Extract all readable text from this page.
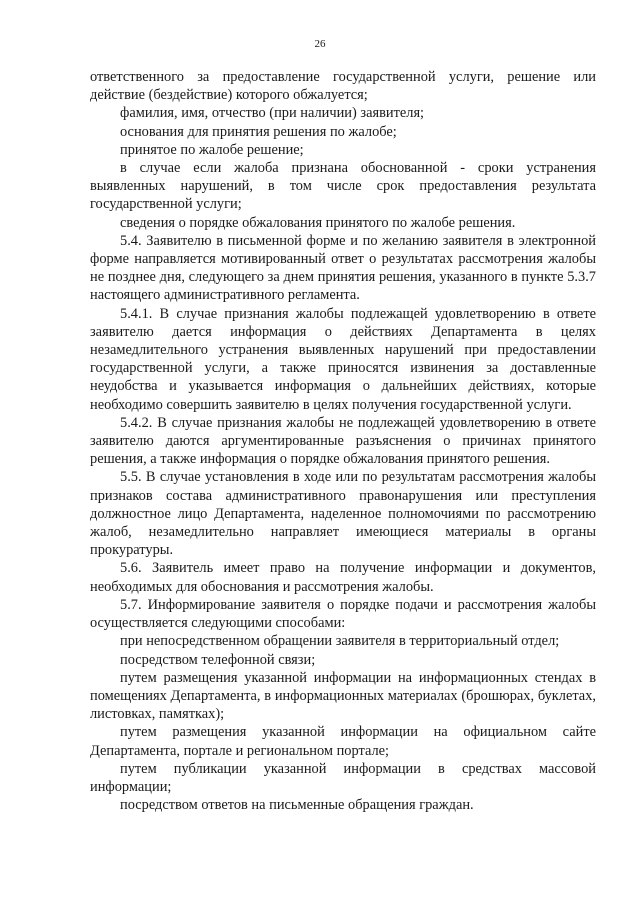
26

ответственного за предоставление государственной услуги, решение или действие (бездействие) которого обжалуется;

фамилия, имя, отчество (при наличии) заявителя;

основания для принятия решения по жалобе;

принятое по жалобе решение;

в случае если жалоба признана обоснованной - сроки устранения выявленных нарушений, в том числе срок предоставления результата государственной услуги;

сведения о порядке обжалования принятого по жалобе решения.

5.4. Заявителю в письменной форме и по желанию заявителя в электронной форме направляется мотивированный ответ о результатах рассмотрения жалобы не позднее дня, следующего за днем принятия решения, указанного в пункте 5.3.7 настоящего административного регламента.

5.4.1. В случае признания жалобы подлежащей удовлетворению в ответе заявителю дается информация о действиях Департамента в целях незамедлительного устранения выявленных нарушений при предоставлении государственной услуги, а также приносятся извинения за доставленные неудобства и указывается информация о дальнейших действиях, которые необходимо совершить заявителю в целях получения государственной услуги.

5.4.2. В случае признания жалобы не подлежащей удовлетворению в ответе заявителю даются аргументированные разъяснения о причинах принятого решения, а также информация о порядке обжалования принятого решения.

5.5. В случае установления в ходе или по результатам рассмотрения жалобы признаков состава административного правонарушения или преступления должностное лицо Департамента, наделенное полномочиями по рассмотрению жалоб, незамедлительно направляет имеющиеся материалы в органы прокуратуры.

5.6. Заявитель имеет право на получение информации и документов, необходимых для обоснования и рассмотрения жалобы.

5.7. Информирование заявителя о порядке подачи и рассмотрения жалобы осуществляется следующими способами:

при непосредственном обращении заявителя в территориальный отдел;

посредством телефонной связи;

путем размещения указанной информации на информационных стендах в помещениях Департамента, в информационных материалах (брошюрах, буклетах, листовках, памятках);

путем размещения указанной информации на официальном сайте Департамента, портале и региональном портале;

путем публикации указанной информации в средствах массовой информации;

посредством ответов на письменные обращения граждан.
